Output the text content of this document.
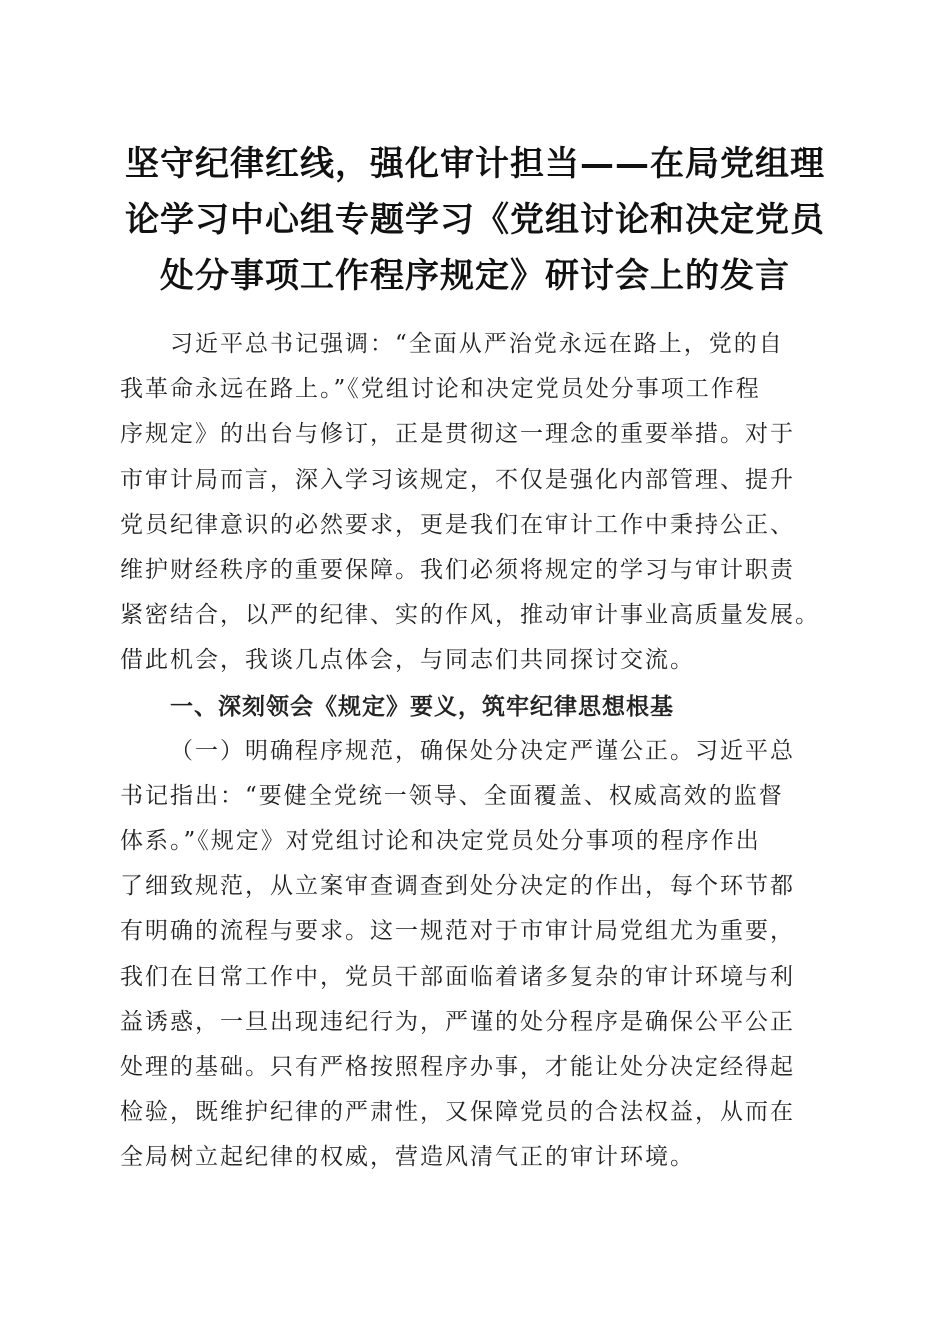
坚守纪律红线，强化审计担当——在局党组理
论学习中心组专题学习《党组讨论和决定党员
处分事项工作程序规定》研讨会上的发言
习近平总书记强调：“全面从严治党永远在路上，党的自
我革命永远在路上。”《党组讨论和决定党员处分事项工作程
序规定》的出台与修订，正是贯彻这一理念的重要举措。对于
市审计局而言，深入学习该规定，不仅是强化内部管理、提升
党员纪律意识的必然要求，更是我们在审计工作中秉持公正、
维护财经秩序的重要保障。我们必须将规定的学习与审计职责
紧密结合，以严的纪律、实的作风，推动审计事业高质量发展。
借此机会，我谈几点体会，与同志们共同探讨交流。
一、深刻领会《规定》要义，筑牢纪律思想根基
（一）明确程序规范，确保处分决定严谨公正。习近平总
书记指出：“要健全党统一领导、全面覆盖、权威高效的监督
体系。”《规定》对党组讨论和决定党员处分事项的程序作出
了细致规范，从立案审查调查到处分决定的作出，每个环节都
有明确的流程与要求。这一规范对于市审计局党组尤为重要，
我们在日常工作中，党员干部面临着诸多复杂的审计环境与利
益诱惑，一旦出现违纪行为，严谨的处分程序是确保公平公正
处理的基础。只有严格按照程序办事，才能让处分决定经得起
检验，既维护纪律的严肃性，又保障党员的合法权益，从而在
全局树立起纪律的权威，营造风清气正的审计环境。
